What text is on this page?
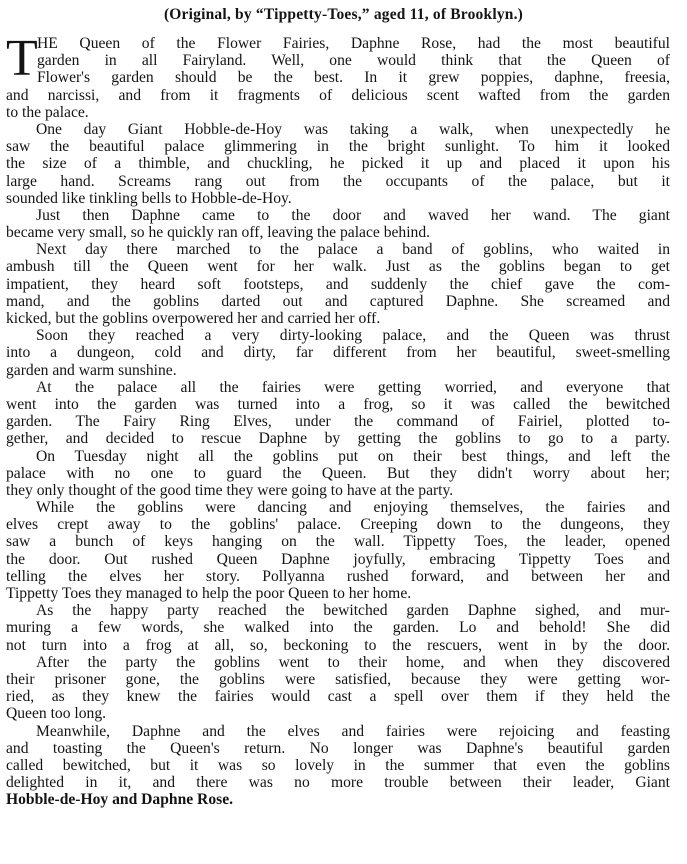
(Original, by “Tippetty-Toes,” aged 11, of Brooklyn.)
T HE Queen of the Flower Fairies, Daphne Rose, had the most beautiful
garden in all Fairyland. Well, one would think that the Queen of
Flower's garden should be the best. In it grew poppies, daphne, freesia,
and narcissi, and from it fragments of delicious scent wafted from the garden
to the palace.
One day Giant Hobble-de-Hoy was taking a walk, when unexpectedly he
saw the beautiful palace glimmering in the bright sunlight. To him it looked
the size of a thimble, and chuckling, he picked it up and placed it upon his
large hand. Screams rang out from the occupants of the palace, but it
sounded like tinkling bells to Hobble-de-Hoy.
Just then Daphne came to the door and waved her wand. The giant
became very small, so he quickly ran off, leaving the palace behind.
Next day there marched to the palace a band of goblins, who waited in
ambush till the Queen went for her walk. Just as the goblins began to get
impatient, they heard soft footsteps, and suddenly the chief gave the com-
mand, and the goblins darted out and captured Daphne. She screamed and
kicked, but the goblins overpowered her and carried her off.
Soon they reached a very dirty-looking palace, and the Queen was thrust
into a dungeon, cold and dirty, far different from her beautiful, sweet-smelling
garden and warm sunshine.
At the palace all the fairies were getting worried, and everyone that
went into the garden was turned into a frog, so it was called the bewitched
garden. The Fairy Ring Elves, under the command of Fairiel, plotted to-
gether, and decided to rescue Daphne by getting the goblins to go to a party.
On Tuesday night all the goblins put on their best things, and left the
palace with no one to guard the Queen. But they didn't worry about her;
they only thought of the good time they were going to have at the party.
While the goblins were dancing and enjoying themselves, the fairies and
elves crept away to the goblins' palace. Creeping down to the dungeons, they
saw a bunch of keys hanging on the wall. Tippetty Toes, the leader, opened
the door. Out rushed Queen Daphne joyfully, embracing Tippetty Toes and
telling the elves her story. Pollyanna rushed forward, and between her and
Tippetty Toes they managed to help the poor Queen to her home.
As the happy party reached the bewitched garden Daphne sighed, and mur-
muring a few words, she walked into the garden. Lo and behold! She did
not turn into a frog at all, so, beckoning to the rescuers, went in by the door.
After the party the goblins went to their home, and when they discovered
their prisoner gone, the goblins were satisfied, because they were getting wor-
ried, as they knew the fairies would cast a spell over them if they held the
Queen too long.
Meanwhile, Daphne and the elves and fairies were rejoicing and feasting
and toasting the Queen's return. No longer was Daphne's beautiful garden
called bewitched, but it was so lovely in the summer that even the goblins
delighted in it, and there was no more trouble between their leader, Giant
Hobble-de-Hoy and Daphne Rose.
